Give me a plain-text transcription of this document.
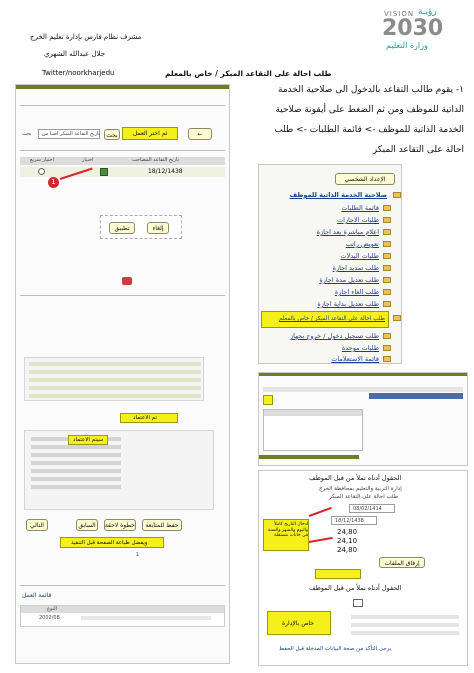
رؤيـة
VISION
2030
وزارة التعليم
مشرف نظام فارس بإدارة تعليم الخرج
جلال عبدالله الشهري
Twitter/noorkharjedu	طلب احالة على التقاعد المبكر / خاص بالمعلم
بحث تاريخ التقاعد المبكر اصبا س	بحث	ثم اختر العمل	←
تاريخ التقاعد المصاحب
اختيار
اختيار سريع
18/12/1438
1
إلغاء
تطبيق
تم الاعتماد
سيتم الاعتماد
التالي	السابق	خطوة لاحقة	حفظ للمتابعة
ويفضل طباعة الصفحة قبل التنفيذ
1
قائمة العمل
النوع
2002/08
١- يقوم طالب التقاعد بالدخول الى صلاحية الخدمة
الذاتية للموظف ومن ثم الضغط على أيقونة صلاحية
الخدمة الذاتية للموظف -> قائمة الطلبات -> طلب
احالة على التقاعد المبكر
الإعداد الشخصي
صلاحية الخدمة الذاتية للموظف
قائمة الطلبات
طلبات الاجازات
اعلام مباشرة بعد اجازة
تعويض راتب
طلبات البدلات
طلب تمديد اجازة
طلب تعديل مدة اجازة
طلب الغاء اجازة
طلب تعديل بداية اجازة
طلب احالة على التقاعد المبكر / خاص بالمعلم
طلب تسجيل دخول / خروج بجهاز
طلبات موحدة
قائمة الاستعلامات
الحقول أدناه تملأ من قبل الموظف
إدارة التربية والتعليم بمحافظة الخرج
طلب احالة على التقاعد المبكر
08/02/1414
18/12/1438
24,80
24,10
24,80
ادخال التاريخ كاملاً واليوم والشهر والسنة في خانات مستقلة
إرفاق الملفات
الحقول أدناه تملأ من قبل الموظف
خاص بالإدارة
يرجى التأكد من صحة البيانات المدخلة قبل الحفظ
